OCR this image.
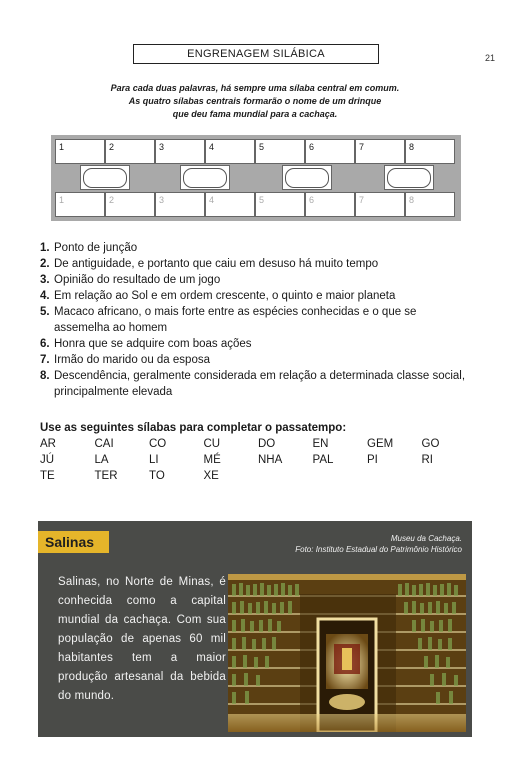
ENGRENAGEM SILÁBICA	21
Para cada duas palavras, há sempre uma sílaba central em comum.
As quatro sílabas centrais formarão o nome de um drinque
que deu fama mundial para a cachaça.
1	2	3	4	5	6	7	8
1	2	3	4	5	6	7	8
1. Ponto de junção
2. De antiguidade, e portanto que caiu em desuso há muito tempo
3. Opinião do resultado de um jogo
4. Em relação ao Sol e em ordem crescente, o quinto e maior planeta
5. Macaco africano, o mais forte entre as espécies conhecidas e o que se assemelha ao homem
6. Honra que se adquire com boas ações
7. Irmão do marido ou da esposa
8. Descendência, geralmente considerada em relação a determinada classe social, principalmente elevada
Use as seguintes sílabas para completar o passatempo:
AR	CAI	CO	CU	DO	EN	GEM	GO
JÚ	LA	LI	MÉ	NHA	PAL	PI	RI
TE	TER	TO	XE
Museu da Cachaça.
Foto: Instituto Estadual do Patrimônio Histórico
Salinas, no Norte de Minas, é conhecida como a capital mundial da cachaça. Com sua população de apenas 60 mil habitantes tem a maior produção artesanal da bebida do mundo.
Salinas
